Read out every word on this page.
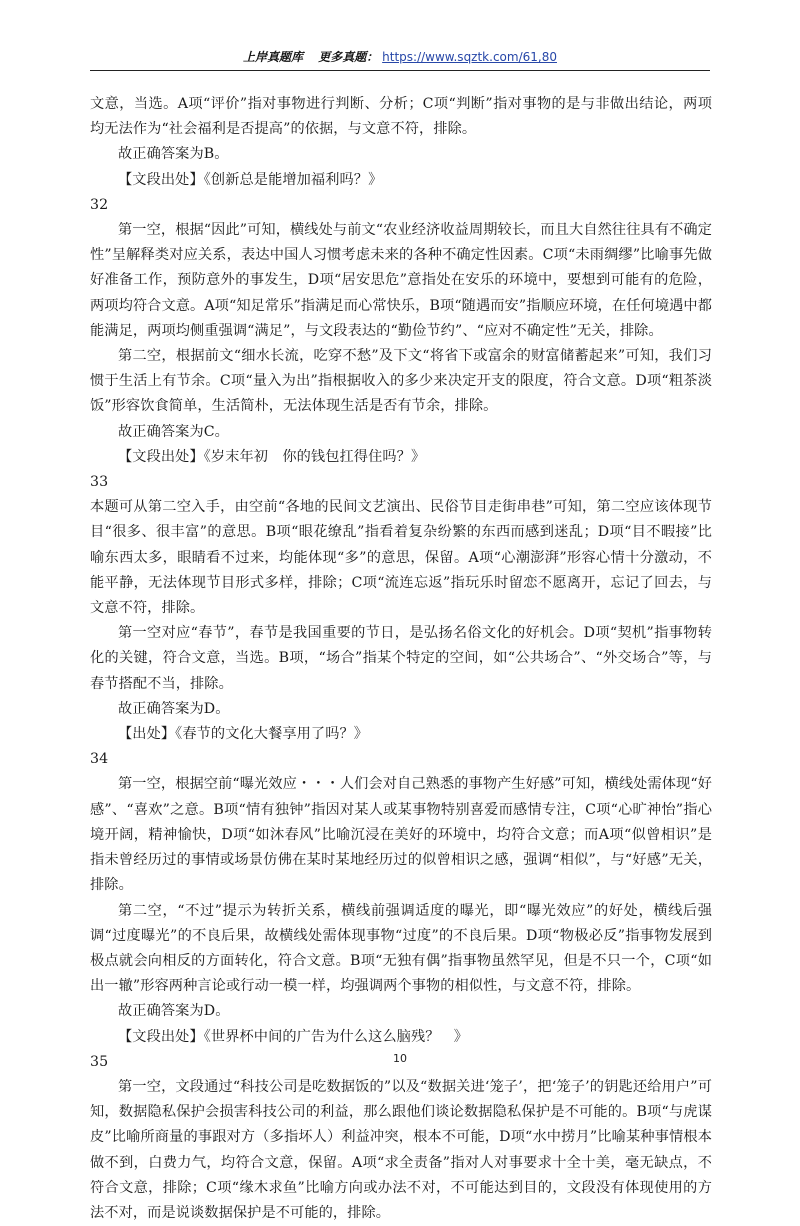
上岸真题库 更多真题： https://www.sqztk.com/61,80

文意，当选。A项“评价”指对事物进行判断、分析；C项“判断”指对事物的是与非做出结论，两项均无法作为“社会福利是否提高”的依据，与文意不符，排除。

故正确答案为B。

【文段出处】《创新总是能增加福利吗？》

32

第一空，根据“因此”可知，横线处与前文“农业经济收益周期较长，而且大自然往往具有不确定性”呈解释类对应关系，表达中国人习惯考虑未来的各种不确定性因素。C项“未雨绸缪”比喻事先做好准备工作，预防意外的事发生，D项“居安思危”意指处在安乐的环境中，要想到可能有的危险，两项均符合文意。A项“知足常乐”指满足而心常快乐，B项“随遇而安”指顺应环境，在任何境遇中都能满足，两项均侧重强调“满足”，与文段表达的“勤俭节约”、“应对不确定性”无关，排除。

第二空，根据前文“细水长流，吃穿不愁”及下文“将省下或富余的财富储蓄起来”可知，我们习惯于生活上有节余。C项“量入为出”指根据收入的多少来决定开支的限度，符合文意。D项“粗茶淡饭”形容饮食简单，生活简朴，无法体现生活是否有节余，排除。

故正确答案为C。

【文段出处】《岁末年初　你的钱包扛得住吗？》

33

本题可从第二空入手，由空前“各地的民间文艺演出、民俗节目走街串巷”可知，第二空应该体现节目“很多、很丰富”的意思。B项“眼花缭乱”指看着复杂纷繁的东西而感到迷乱；D项“目不暇接”比喻东西太多，眼睛看不过来，均能体现“多”的意思，保留。A项“心潮澎湃”形容心情十分激动，不能平静，无法体现节目形式多样，排除；C项“流连忘返”指玩乐时留恋不愿离开，忘记了回去，与文意不符，排除。

第一空对应“春节”，春节是我国重要的节日，是弘扬名俗文化的好机会。D项“契机”指事物转化的关键，符合文意，当选。B项，“场合”指某个特定的空间，如“公共场合”、“外交场合”等，与春节搭配不当，排除。

故正确答案为D。

【出处】《春节的文化大餐享用了吗？》

34

第一空，根据空前“曝光效应・・・人们会对自己熟悉的事物产生好感”可知，横线处需体现“好感”、“喜欢”之意。B项“情有独钟”指因对某人或某事物特别喜爱而感情专注，C项“心旷神怡”指心境开阔，精神愉快，D项“如沐春风”比喻沉浸在美好的环境中，均符合文意；而A项“似曾相识”是指未曾经历过的事情或场景仿佛在某时某地经历过的似曾相识之感，强调“相似”，与“好感”无关，排除。

第二空，“不过”提示为转折关系，横线前强调适度的曝光，即“曝光效应”的好处，横线后强调“过度曝光”的不良后果，故横线处需体现事物“过度”的不良后果。D项“物极必反”指事物发展到极点就会向相反的方面转化，符合文意。B项“无独有偶”指事物虽然罕见，但是不只一个，C项“如出一辙”形容两种言论或行动一模一样，均强调两个事物的相似性，与文意不符，排除。

故正确答案为D。

【文段出处】《世界杯中间的广告为什么这么脑残？　》

35

第一空，文段通过“科技公司是吃数据饭的”以及“数据关进‘笼子’，把‘笼子’的钥匙还给用户”可知，数据隐私保护会损害科技公司的利益，那么跟他们谈论数据隐私保护是不可能的。B项“与虎谋皮”比喻所商量的事跟对方（多指坏人）利益冲突，根本不可能，D项“水中捞月”比喻某种事情根本做不到，白费力气，均符合文意，保留。A项“求全责备”指对人对事要求十全十美，毫无缺点，不符合文意，排除；C项“缘木求鱼”比喻方向或办法不对，不可能达到目的，文段没有体现使用的方法不对，而是说谈数据保护是不可能的，排除。

10
